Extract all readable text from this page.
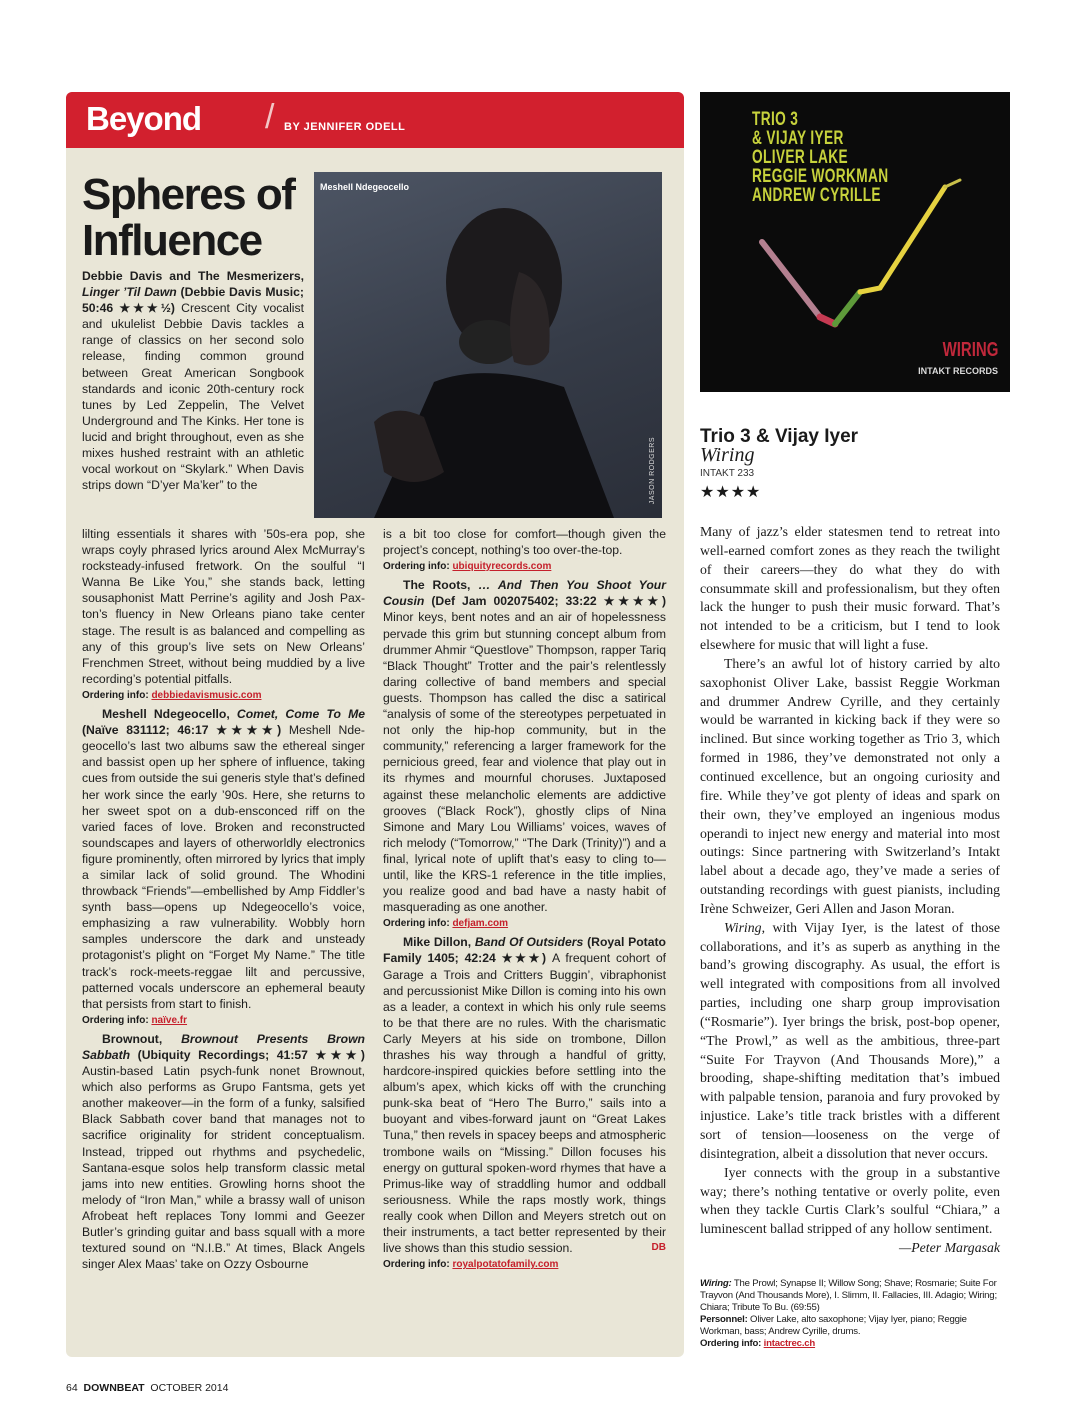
Beyond / BY JENNIFER ODELL
Spheres of Influence
Meshell Ndegeocello
JASON RODGERS

Debbie Davis and The Mesmerizers, Linger ’Til Dawn (Debbie Davis Music; 50:46 ★★★½) Crescent City vocalist and ukulelist Debbie Davis tackles a range of classics on her second solo release, finding common ground between Great American Songbook standards and iconic 20th-century rock tunes by Led Zeppelin, The Velvet Underground and The Kinks. Her tone is lucid and bright throughout, even as she mixes hushed restraint with an athletic vocal workout on “Skylark.” When Davis strips down “D’yer Ma’ker” to the

lilting essentials it shares with ’50s-era pop, she wraps coyly phrased lyrics around Alex McMurray’s rocksteady-infused fretwork. On the soulful “I Wanna Be Like You,” she stands back, letting sousaphonist Matt Perrine’s agility and Josh Paxton’s fluency in New Orleans piano take center stage. The result is as balanced and compelling as any of this group’s live sets on New Orleans’ Frenchmen Street, without being muddied by a live recording’s potential pitfalls.

Ordering info: debbiedavismusic.com

Meshell Ndegeocello, Comet, Come To Me (Naïve 831112; 46:17 ★★★★) Meshell Ndegeocello’s last two albums saw the ethereal singer and bassist open up her sphere of influence, taking cues from outside the sui generis style that’s defined her work since the early ’90s. Here, she returns to her sweet spot on a dub-ensconced riff on the varied faces of love. Broken and reconstructed soundscapes and layers of otherworldly electronics figure prominently, often mirrored by lyrics that imply a similar lack of solid ground. The Whodini throwback “Friends”—embellished by Amp Fiddler’s synth bass—opens up Ndegeocello’s voice, emphasizing a raw vulnerability. Wobbly horn samples underscore the dark and unsteady protagonist’s plight on “Forget My Name.” The title track’s rock-meets-reggae lilt and percussive, patterned vocals underscore an ephemeral beauty that persists from start to finish.

Ordering info: naïve.fr

Brownout, Brownout Presents Brown Sabbath (Ubiquity Recordings; 41:57 ★★★) Austin-based Latin psych-funk nonet Brownout, which also performs as Grupo Fantsma, gets yet another makeover—in the form of a funky, salsified Black Sabbath cover band that manages not to sacrifice originality for strident conceptualism. Instead, tripped out rhythms and psychedelic, Santana-esque solos help transform classic metal jams into new entities. Growling horns shoot the melody of “Iron Man,” while a brassy wall of unison Afrobeat heft replaces Tony Iommi and Geezer Butler’s grinding guitar and bass squall with a more textured sound on “N.I.B.” At times, Black Angels singer Alex Maas’ take on Ozzy Osbourne

is a bit too close for comfort—though given the project’s concept, nothing’s too over-the-top.

Ordering info: ubiquityrecords.com

The Roots, … And Then You Shoot Your Cousin (Def Jam 002075402; 33:22 ★★★★) Minor keys, bent notes and an air of hopelessness pervade this grim but stunning concept album from drummer Ahmir “Questlove” Thompson, rapper Tariq “Black Thought” Trotter and the pair’s relentlessly daring collective of band members and special guests. Thompson has called the disc a satirical “analysis of some of the stereotypes perpetuated in not only the hip-hop community, but in the community,” referencing a larger framework for the pernicious greed, fear and violence that play out in its rhymes and mournful choruses. Juxtaposed against these melancholic elements are addictive grooves (“Black Rock”), ghostly clips of Nina Simone and Mary Lou Williams’ voices, waves of rich melody (“Tomorrow,” “The Dark (Trinity)”) and a final, lyrical note of uplift that’s easy to cling to—until, like the KRS-1 reference in the title implies, you realize good and bad have a nasty habit of masquerading as one another.

Ordering info: defjam.com

Mike Dillon, Band Of Outsiders (Royal Potato Family 1405; 42:24 ★★★) A frequent cohort of Garage a Trois and Critters Buggin’, vibraphonist and percussionist Mike Dillon is coming into his own as a leader, a context in which his only rule seems to be that there are no rules. With the charismatic Carly Meyers at his side on trombone, Dillon thrashes his way through a handful of gritty, hardcore-inspired quickies before settling into the album’s apex, which kicks off with the crunching punk-ska beat of “Hero The Burro,” sails into a buoyant and vibes-forward jaunt on “Great Lakes Tuna,” then revels in spacey beeps and atmospheric trombone wails on “Missing.” Dillon focuses his energy on guttural spoken-word rhymes that have a Primus-like way of straddling humor and oddball seriousness. While the raps mostly work, things really cook when Dillon and Meyers stretch out on their instruments, a tact better represented by their live shows than this studio session.	DB

Ordering info: royalpotatofamily.com
TRIO 3
& VIJAY IYER
OLIVER LAKE
REGGIE WORKMAN
ANDREW CYRILLE
WIRING
INTAKT RECORDS
Trio 3 & Vijay Iyer
Wiring
INTAKT 233
★★★★

Many of jazz’s elder statesmen tend to retreat into well-earned comfort zones as they reach the twilight of their careers—they do what they do with consummate skill and professionalism, but they often lack the hunger to push their music forward. That’s not intended to be a criticism, but I tend to look elsewhere for music that will light a fuse.

There’s an awful lot of history carried by alto saxophonist Oliver Lake, bassist Reggie Workman and drummer Andrew Cyrille, and they certainly would be warranted in kicking back if they were so inclined. But since working together as Trio 3, which formed in 1986, they’ve demonstrated not only a continued excellence, but an ongoing curiosity and fire. While they’ve got plenty of ideas and spark on their own, they’ve employed an ingenious modus operandi to inject new energy and material into most outings: Since partnering with Switzerland’s Intakt label about a decade ago, they’ve made a series of outstanding recordings with guest pianists, including Irène Schweizer, Geri Allen and Jason Moran.

Wiring, with Vijay Iyer, is the latest of those collaborations, and it’s as superb as anything in the band’s growing discography. As usual, the effort is well integrated with compositions from all involved parties, including one sharp group improvisation (“Rosmarie”). Iyer brings the brisk, post-bop opener, “The Prowl,” as well as the ambitious, three-part “Suite For Trayvon (And Thousands More),” a brooding, shape-shifting meditation that’s imbued with palpable tension, paranoia and fury provoked by injustice. Lake’s title track bristles with a different sort of tension—looseness on the verge of disintegration, albeit a dissolution that never occurs.

Iyer connects with the group in a substantive way; there’s nothing tentative or overly polite, even when they tackle Curtis Clark’s soulful “Chiara,” a luminescent ballad stripped of any hollow sentiment.
—Peter Margasak

Wiring: The Prowl; Synapse II; Willow Song; Shave; Rosmarie; Suite For Trayvon (And Thousands More), I. Slimm, II. Fallacies, III. Adagio; Wiring; Chiara; Tribute To Bu. (69:55)
Personnel: Oliver Lake, alto saxophone; Vijay Iyer, piano; Reggie Workman, bass; Andrew Cyrille, drums.
Ordering info: intactrec.ch
64 DOWNBEAT OCTOBER 2014
